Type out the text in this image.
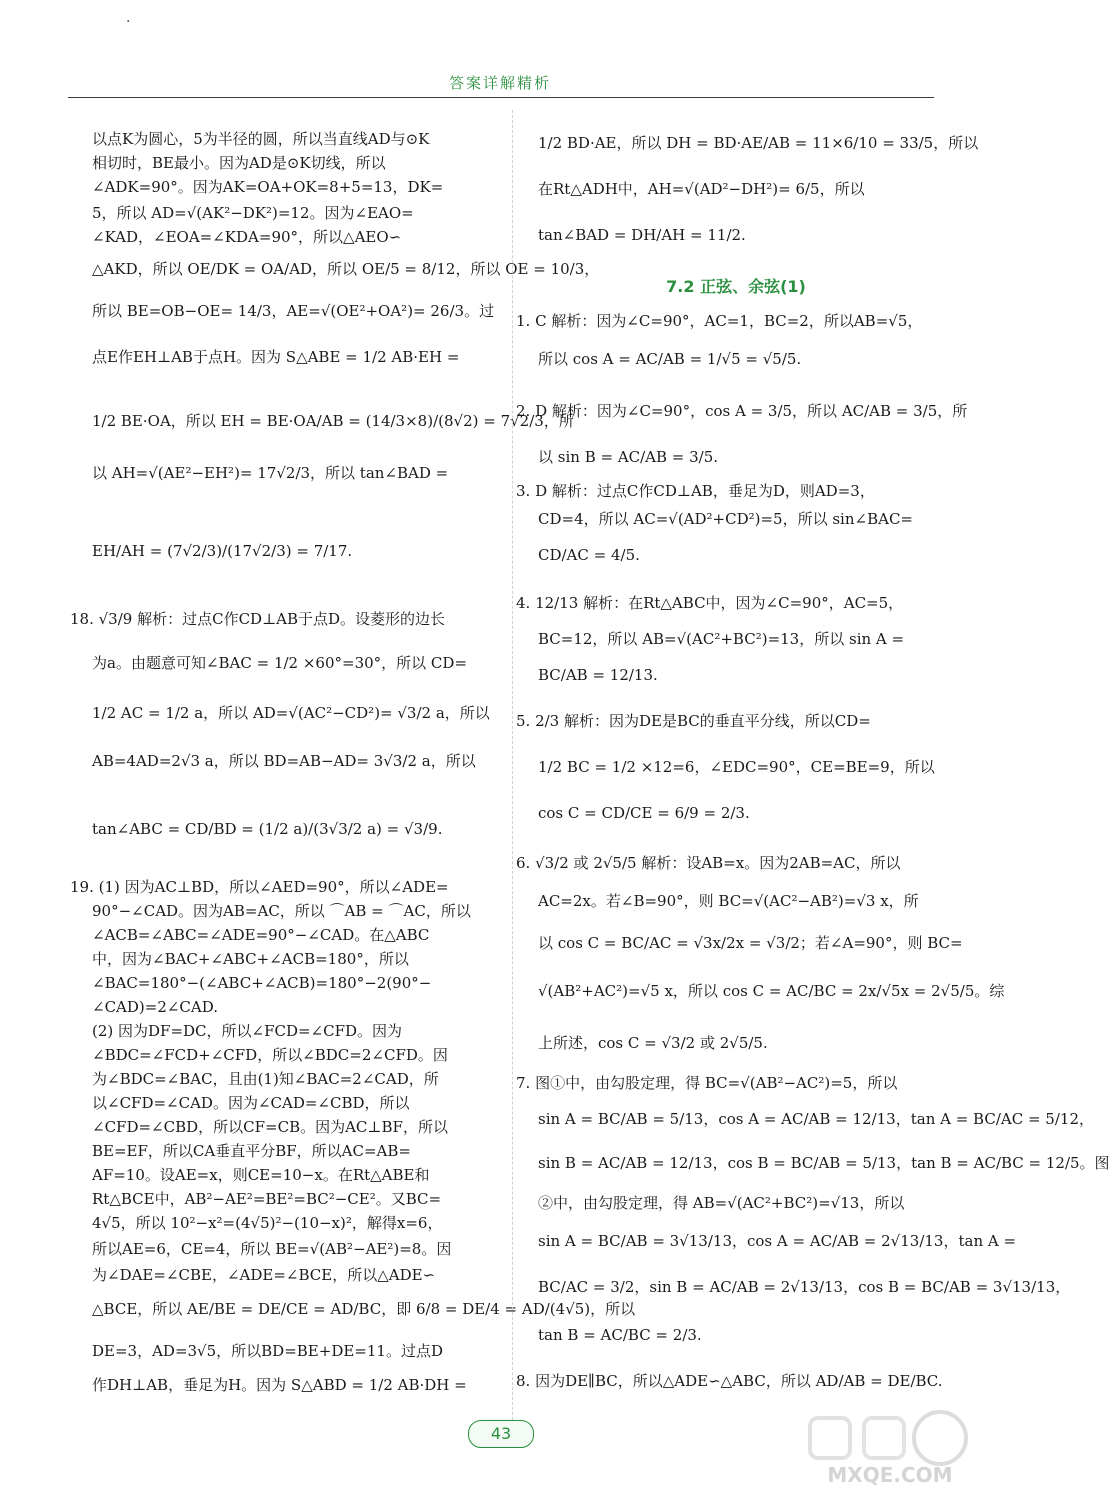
·
答案详解精析
以点K为圆心，5为半径的圆，所以当直线AD与⊙K
相切时，BE最小。因为AD是⊙K切线，所以
∠ADK=90°。因为AK=OA+OK=8+5=13，DK=
5，所以 AD=√(AK²−DK²)=12。因为∠EAO=
∠KAD，∠EOA=∠KDA=90°，所以△AEO∽
△AKD，所以 OE/DK = OA/AD，所以 OE/5 = 8/12，所以 OE = 10/3，
所以 BE=OB−OE= 14/3，AE=√(OE²+OA²)= 26/3。过
点E作EH⊥AB于点H。因为 S△ABE = 1/2 AB·EH =
1/2 BE·OA，所以 EH = BE·OA/AB = (14/3×8)/(8√2) = 7√2/3，所
以 AH=√(AE²−EH²)= 17√2/3，所以 tan∠BAD =
EH/AH = (7√2/3)/(17√2/3) = 7/17.
18. √3/9 解析：过点C作CD⊥AB于点D。设菱形的边长
为a。由题意可知∠BAC = 1/2 ×60°=30°，所以 CD=
1/2 AC = 1/2 a，所以 AD=√(AC²−CD²)= √3/2 a，所以
AB=4AD=2√3 a，所以 BD=AB−AD= 3√3/2 a，所以
tan∠ABC = CD/BD = (1/2 a)/(3√3/2 a) = √3/9.
19. (1) 因为AC⊥BD，所以∠AED=90°，所以∠ADE=
90°−∠CAD。因为AB=AC，所以 ⌒AB = ⌒AC，所以
∠ACB=∠ABC=∠ADE=90°−∠CAD。在△ABC
中，因为∠BAC+∠ABC+∠ACB=180°，所以
∠BAC=180°−(∠ABC+∠ACB)=180°−2(90°−
∠CAD)=2∠CAD.
(2) 因为DF=DC，所以∠FCD=∠CFD。因为
∠BDC=∠FCD+∠CFD，所以∠BDC=2∠CFD。因
为∠BDC=∠BAC，且由(1)知∠BAC=2∠CAD，所
以∠CFD=∠CAD。因为∠CAD=∠CBD，所以
∠CFD=∠CBD，所以CF=CB。因为AC⊥BF，所以
BE=EF，所以CA垂直平分BF，所以AC=AB=
AF=10。设AE=x，则CE=10−x。在Rt△ABE和
Rt△BCE中，AB²−AE²=BE²=BC²−CE²。又BC=
4√5，所以 10²−x²=(4√5)²−(10−x)²，解得x=6，
所以AE=6，CE=4，所以 BE=√(AB²−AE²)=8。因
为∠DAE=∠CBE，∠ADE=∠BCE，所以△ADE∽
△BCE，所以 AE/BE = DE/CE = AD/BC，即 6/8 = DE/4 = AD/(4√5)，所以
DE=3，AD=3√5，所以BD=BE+DE=11。过点D
作DH⊥AB，垂足为H。因为 S△ABD = 1/2 AB·DH =
1/2 BD·AE，所以 DH = BD·AE/AB = 11×6/10 = 33/5，所以
在Rt△ADH中，AH=√(AD²−DH²)= 6/5，所以
tan∠BAD = DH/AH = 11/2.
7.2 正弦、余弦(1)
1. C 解析：因为∠C=90°，AC=1，BC=2，所以AB=√5，
所以 cos A = AC/AB = 1/√5 = √5/5.
2. D 解析：因为∠C=90°，cos A = 3/5，所以 AC/AB = 3/5，所
以 sin B = AC/AB = 3/5.
3. D 解析：过点C作CD⊥AB，垂足为D，则AD=3，
CD=4，所以 AC=√(AD²+CD²)=5，所以 sin∠BAC=
CD/AC = 4/5.
4. 12/13 解析：在Rt△ABC中，因为∠C=90°，AC=5，
BC=12，所以 AB=√(AC²+BC²)=13，所以 sin A =
BC/AB = 12/13.
5. 2/3 解析：因为DE是BC的垂直平分线，所以CD=
1/2 BC = 1/2 ×12=6，∠EDC=90°，CE=BE=9，所以
cos C = CD/CE = 6/9 = 2/3.
6. √3/2 或 2√5/5 解析：设AB=x。因为2AB=AC，所以
AC=2x。若∠B=90°，则 BC=√(AC²−AB²)=√3 x，所
以 cos C = BC/AC = √3x/2x = √3/2；若∠A=90°，则 BC=
√(AB²+AC²)=√5 x，所以 cos C = AC/BC = 2x/√5x = 2√5/5。综
上所述，cos C = √3/2 或 2√5/5.
7. 图①中，由勾股定理，得 BC=√(AB²−AC²)=5，所以
sin A = BC/AB = 5/13，cos A = AC/AB = 12/13，tan A = BC/AC = 5/12，
sin B = AC/AB = 12/13，cos B = BC/AB = 5/13，tan B = AC/BC = 12/5。图
②中，由勾股定理，得 AB=√(AC²+BC²)=√13，所以
sin A = BC/AB = 3√13/13，cos A = AC/AB = 2√13/13，tan A =
BC/AC = 3/2，sin B = AC/AB = 2√13/13，cos B = BC/AB = 3√13/13，
tan B = AC/BC = 2/3.
8. 因为DE∥BC，所以△ADE∽△ABC，所以 AD/AB = DE/BC.
43
MXQE.COM
